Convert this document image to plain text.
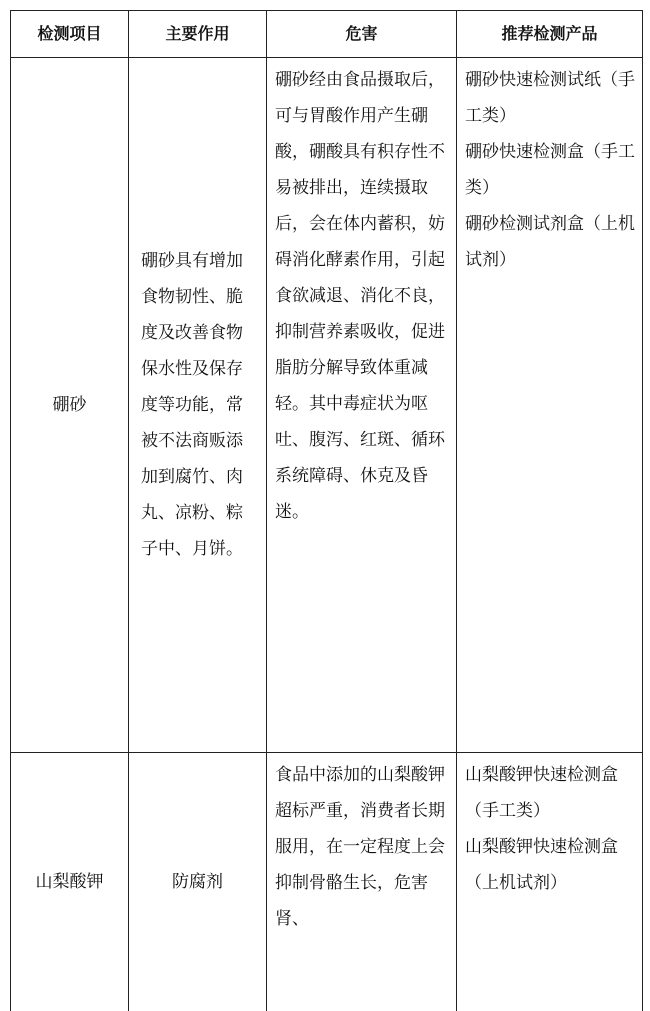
检测项目	主要作用	危害	推荐检测产品
硼砂	硼砂具有增加食物韧性、脆度及改善食物保水性及保存度等功能，常被不法商贩添加到腐竹、肉丸、凉粉、粽子中、月饼。	硼砂经由食品摄取后，可与胃酸作用产生硼酸，硼酸具有积存性不易被排出，连续摄取后，会在体内蓄积，妨碍消化酵素作用，引起食欲减退、消化不良，抑制营养素吸收，促进脂肪分解导致体重减轻。其中毒症状为呕吐、腹泻、红斑、循环系统障碍、休克及昏迷。	硼砂快速检测试纸（手工类）
硼砂快速检测盒（手工类）
硼砂检测试剂盒（上机试剂）

山梨酸钾	防腐剂	食品中添加的山梨酸钾超标严重，消费者长期服用，在一定程度上会抑制骨骼生长，危害肾、	山梨酸钾快速检测盒（手工类）
山梨酸钾快速检测盒（上机试剂）
